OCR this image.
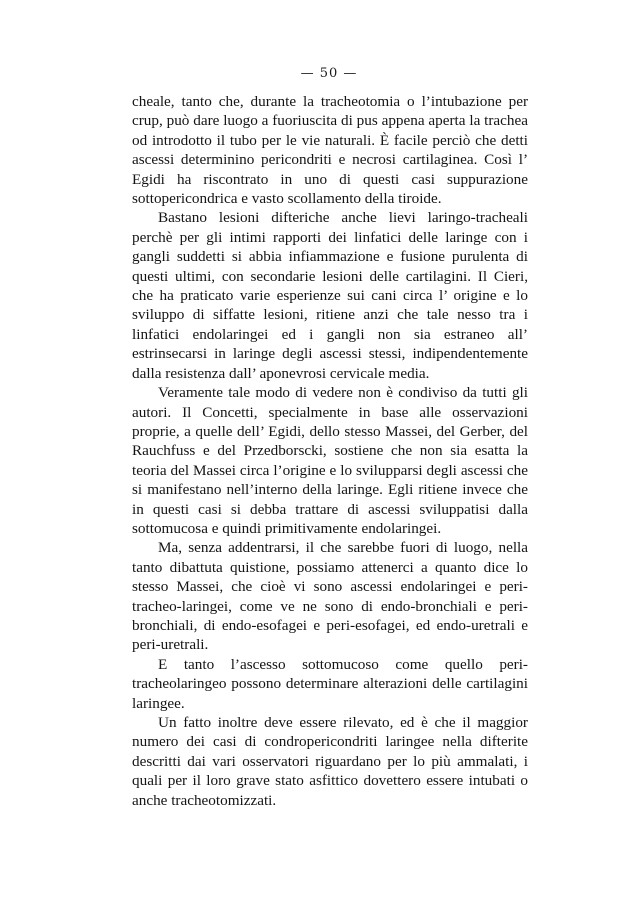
— 50 —

cheale, tanto che, durante la tracheotomia o l’intubazione per crup, può dare luogo a fuoriuscita di pus appena aperta la trachea od introdotto il tubo per le vie naturali. È facile perciò che detti ascessi determinino pericondriti e necrosi cartilaginea. Così l’ Egidi ha riscontrato in uno di questi casi suppurazione sottopericondrica e vasto scollamento della tiroide.

Bastano lesioni difteriche anche lievi laringo-tracheali perchè per gli intimi rapporti dei linfatici delle laringe con i gangli suddetti si abbia infiammazione e fusione purulenta di questi ultimi, con secondarie lesioni delle cartilagini. Il Cieri, che ha praticato varie esperienze sui cani circa l’ origine e lo sviluppo di siffatte lesioni, ritiene anzi che tale nesso tra i linfatici endolaringei ed i gangli non sia estraneo all’ estrinsecarsi in laringe degli ascessi stessi, indipendentemente dalla resistenza dall’ aponevrosi cervicale media.

Veramente tale modo di vedere non è condiviso da tutti gli autori. Il Concetti, specialmente in base alle osservazioni proprie, a quelle dell’ Egidi, dello stesso Massei, del Gerber, del Rauchfuss e del Przedborscki, sostiene che non sia esatta la teoria del Massei circa l’origine e lo svilupparsi degli ascessi che si manifestano nell’interno della laringe. Egli ritiene invece che in questi casi si debba trattare di ascessi sviluppatisi dalla sottomucosa e quindi primitivamente endolaringei.

Ma, senza addentrarsi, il che sarebbe fuori di luogo, nella tanto dibattuta quistione, possiamo attenerci a quanto dice lo stesso Massei, che cioè vi sono ascessi endolaringei e peri-tracheo-laringei, come ve ne sono di endo-bronchiali e peri-bronchiali, di endo-esofagei e peri-esofagei, ed endo-uretrali e peri-uretrali.

E tanto l’ascesso sottomucoso come quello peri-tracheolaringeo possono determinare alterazioni delle cartilagini laringee.

Un fatto inoltre deve essere rilevato, ed è che il maggior numero dei casi di condropericondriti laringee nella difterite descritti dai vari osservatori riguardano per lo più ammalati, i quali per il loro grave stato asfittico dovettero essere intubati o anche tracheotomizzati.
